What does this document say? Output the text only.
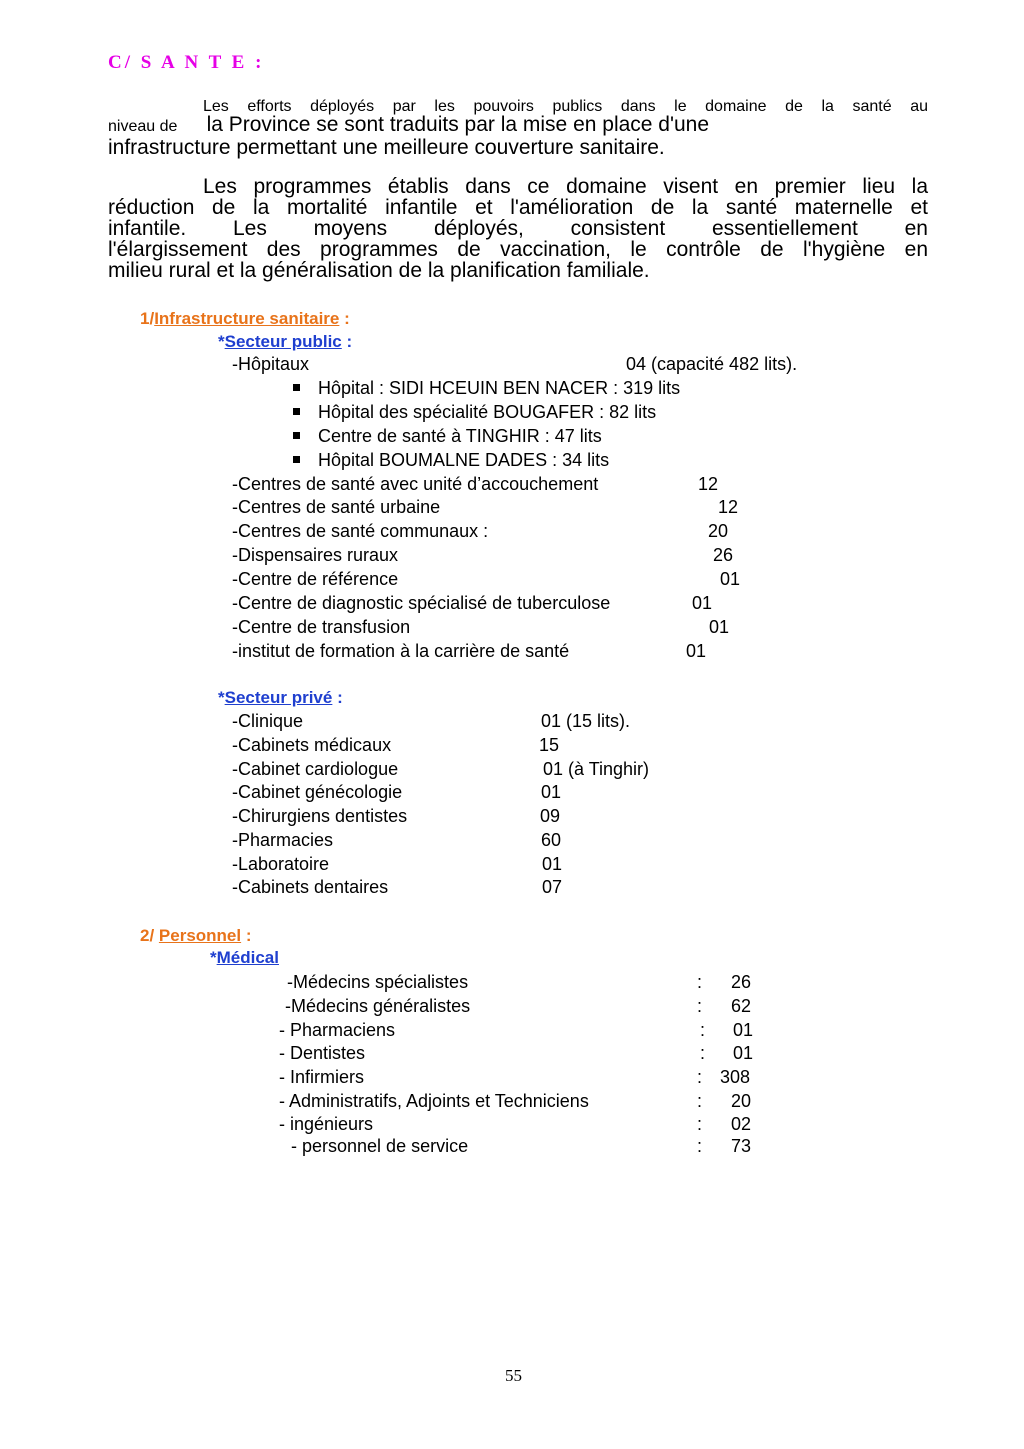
C/ S A N T E :
Les efforts déployés par les pouvoirs publics dans le domaine de la santé au
niveau de la Province se sont traduits par la mise en place d'une
infrastructure permettant une meilleure couverture sanitaire.
Les programmes établis dans ce domaine visent en premier lieu la
réduction de la mortalité infantile et l'amélioration de la santé maternelle et
infantile. Les moyens déployés, consistent essentiellement en
l'élargissement des programmes de vaccination, le contrôle de l'hygiène en
milieu rural et la généralisation de la planification familiale.
1/Infrastructure sanitaire :
*Secteur public :
-Hôpitaux	04 (capacité 482 lits).
Hôpital : SIDI HCEUIN BEN NACER : 319 lits
Hôpital des spécialité BOUGAFER : 82 lits
Centre de santé à TINGHIR : 47 lits
Hôpital BOUMALNE DADES : 34 lits
-Centres de santé avec unité d’accouchement	12
-Centres de santé urbaine	12
-Centres de santé communaux :	20
-Dispensaires ruraux	26
-Centre de référence	01
-Centre de diagnostic spécialisé de tuberculose	01
-Centre de transfusion	01
-institut de formation à la carrière de santé	01
*Secteur privé :
-Clinique	01 (15 lits).
-Cabinets médicaux	15
-Cabinet cardiologue	01 (à Tinghir)
-Cabinet génécologie	01
-Chirurgiens dentistes	09
-Pharmacies	60
-Laboratoire	01
-Cabinets dentaires	07
2/ Personnel :
*Médical
-Médecins spécialistes	: 26
-Médecins généralistes	: 62
- Pharmaciens	: 01
- Dentistes	: 01
- Infirmiers	: 308
- Administratifs, Adjoints et Techniciens	: 20
- ingénieurs	: 02
- personnel de service	: 73
55
